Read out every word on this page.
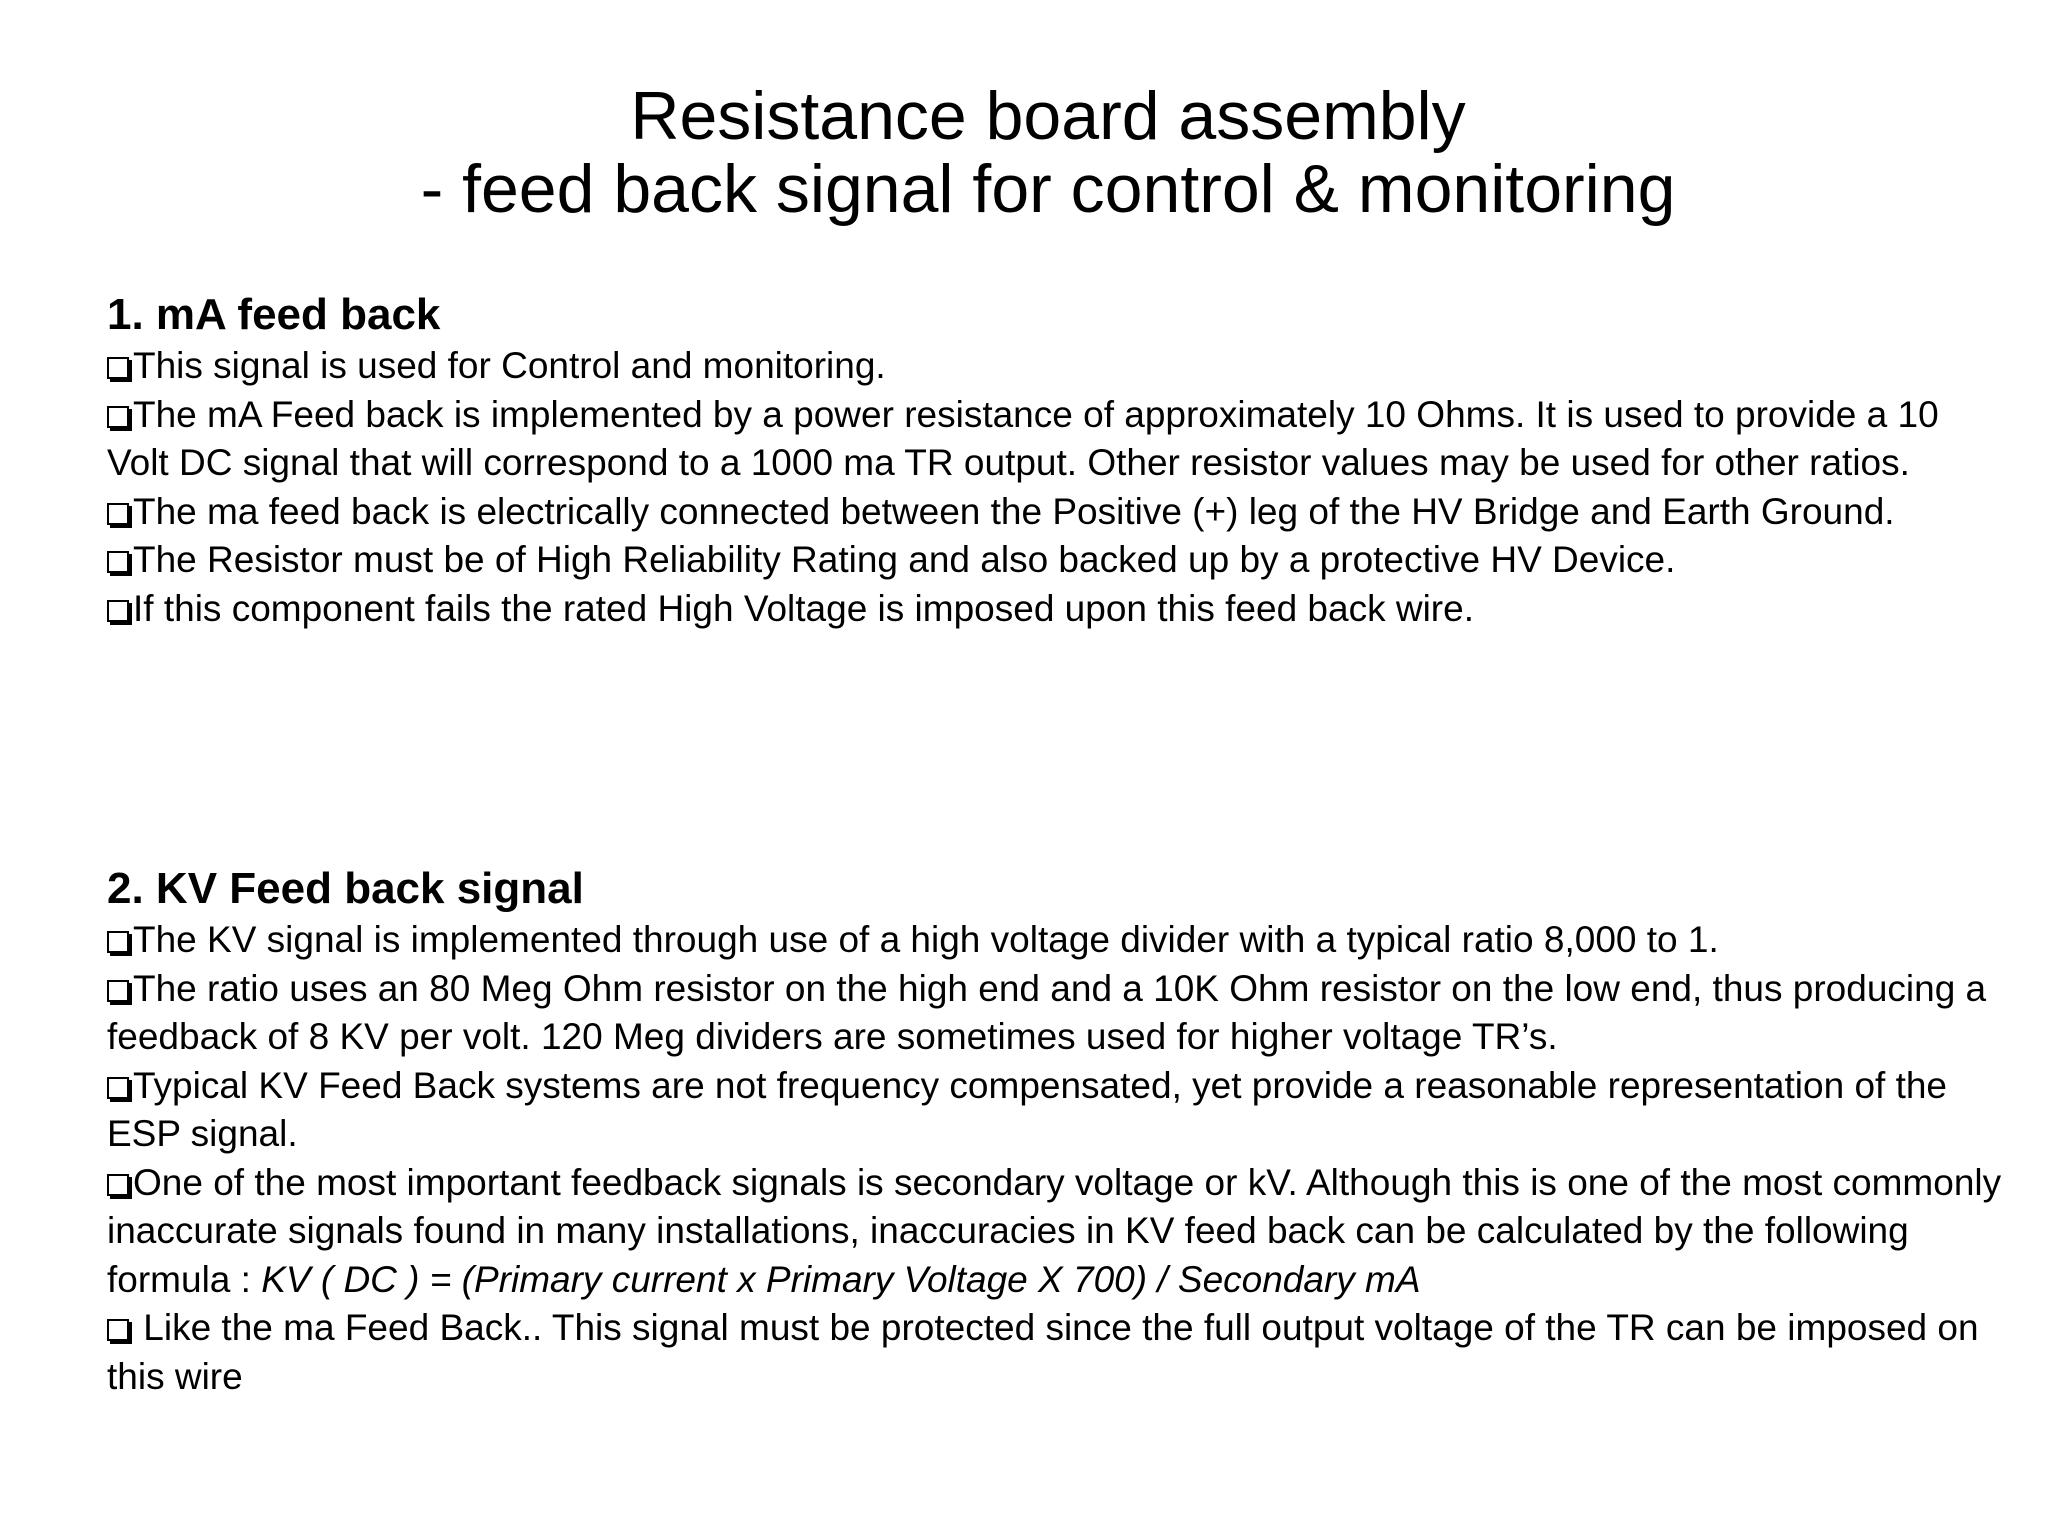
Resistance board assembly
- feed back signal for control & monitoring
1. mA feed back
This signal is used for Control and monitoring.
The mA Feed back is implemented by a power resistance of approximately 10 Ohms. It is used to provide a 10 Volt DC signal that will correspond to a 1000 ma TR output. Other resistor values may be used for other ratios.
The ma feed back is electrically connected between the Positive (+) leg of the HV Bridge and Earth Ground.
The Resistor must be of High Reliability Rating and also backed up by a protective HV Device.
If this component fails the rated High Voltage is imposed upon this feed back wire.
2. KV Feed back signal
The KV signal is implemented through use of a high voltage divider with a typical ratio 8,000 to 1.
The ratio uses an 80 Meg Ohm resistor on the high end and a 10K Ohm resistor on the low end, thus producing a feedback of 8 KV per volt. 120 Meg dividers are sometimes used for higher voltage TR’s.
Typical KV Feed Back systems are not frequency compensated, yet provide a reasonable representation of the ESP signal.
One of the most important feedback signals is secondary voltage or kV. Although this is one of the most commonly inaccurate signals found in many installations, inaccuracies in KV feed back can be calculated by the following formula : KV ( DC ) = (Primary current x Primary Voltage X 700) / Secondary mA
Like the ma Feed Back.. This signal must be protected since the full output voltage of the TR can be imposed on this wire
